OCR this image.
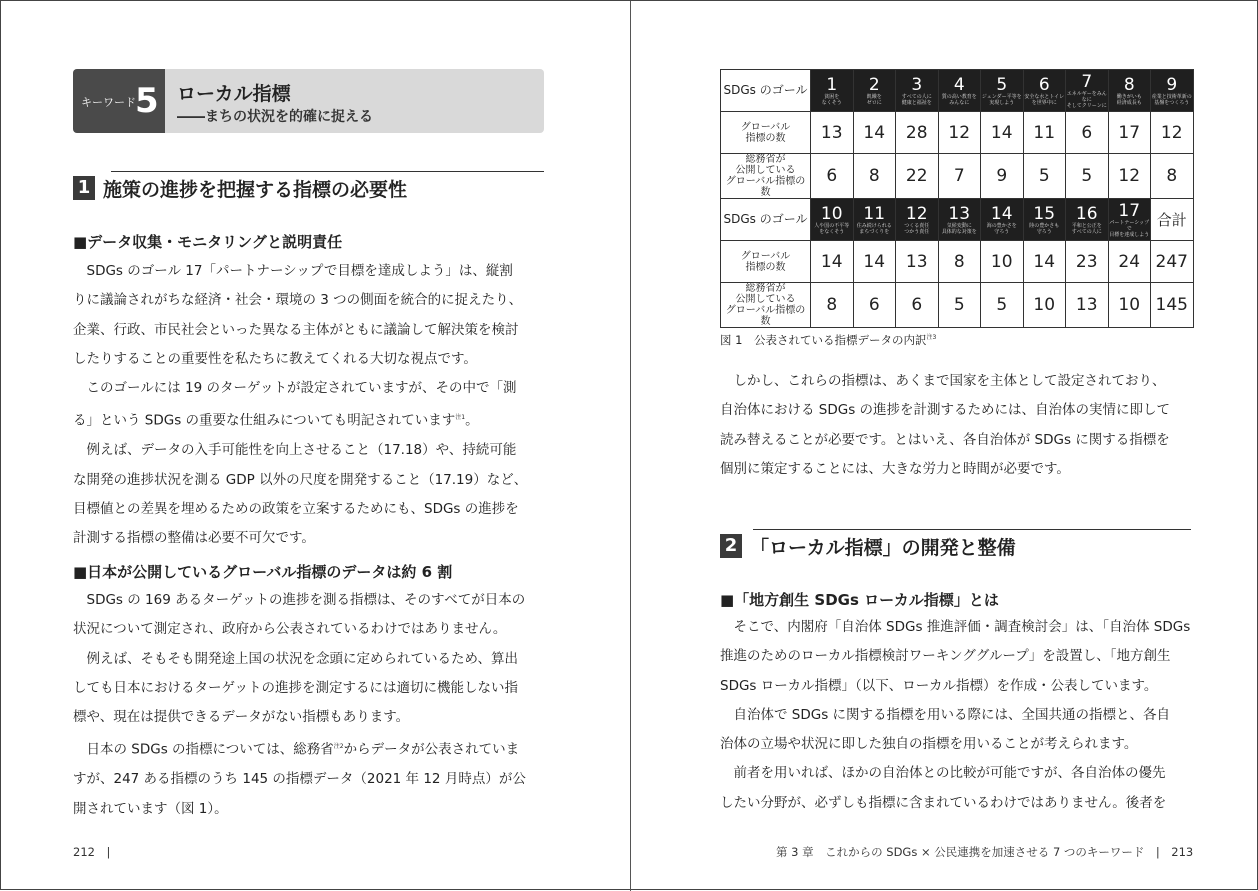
キーワード 5 ローカル指標
――まちの状況を的確に捉える
1 施策の進捗を把握する指標の必要性
■データ収集・モニタリングと説明責任
　SDGs のゴール 17「パートナーシップで目標を達成しよう」は、縦割
りに議論されがちな経済・社会・環境の 3 つの側面を統合的に捉えたり、
企業、行政、市民社会といった異なる主体がともに議論して解決策を検討
したりすることの重要性を私たちに教えてくれる大切な視点です。
　このゴールには 19 のターゲットが設定されていますが、その中で「測
る」という SDGs の重要な仕組みについても明記されています$^{注1}$。
　例えば、データの入手可能性を向上させること（17.18）や、持続可能
な開発の進捗状況を測る GDP 以外の尺度を開発すること（17.19）など、
目標値との差異を埋めるための政策を立案するためにも、SDGs の進捗を
計測する指標の整備は必要不可欠です。
■日本が公開しているグローバル指標のデータは約 6 割
　SDGs の 169 あるターゲットの進捗を測る指標は、そのすべてが日本の
状況について測定され、政府から公表されているわけではありません。
　例えば、そもそも開発途上国の状況を念頭に定められているため、算出
しても日本におけるターゲットの進捗を測定するには適切に機能しない指
標や、現在は提供できるデータがない指標もあります。
　日本の SDGs の指標については、総務省$^{注2}$からデータが公表されていま
すが、247 ある指標のうち 145 の指標データ（2021 年 12 月時点）が公
開されています（図 1）。
212　|
SDGs のゴール	1
貧困を
なくそう	2
飢餓を
ゼロに	3
すべての人に
健康と福祉を	4
質の高い教育を
みんなに	5
ジェンダー平等を
実現しよう	6
安全な水とトイレ
を世界中に	7
エネルギーをみんなに
そしてクリーンに	8
働きがいも
経済成長も	9
産業と技術革新の
基盤をつくろう

グローバル
指標の数	13	14	28	12	14	11	6	17	12

総務省が
公開している
グローバル指標の数	6	8	22	7	9	5	5	12	8
SDGs のゴール	10
人や国の不平等
をなくそう	11
住み続けられる
まちづくりを	12
つくる責任
つかう責任	13
気候変動に
具体的な対策を	14
海の豊かさを
守ろう	15
陸の豊かさも
守ろう	16
平和と公正を
すべての人に	17
パートナーシップで
目標を達成しよう	合計

グローバル
指標の数	14	14	13	8	10	14	23	24	247

総務省が
公開している
グローバル指標の数	8	6	6	5	5	10	13	10	145
図 1　公表されている指標データの内訳$^{注3}$
　しかし、これらの指標は、あくまで国家を主体として設定されており、
自治体における SDGs の進捗を計測するためには、自治体の実情に即して
読み替えることが必要です。とはいえ、各自治体が SDGs に関する指標を
個別に策定することには、大きな労力と時間が必要です。
2 「ローカル指標」の開発と整備
■「地方創生 SDGs ローカル指標」とは
　そこで、内閣府「自治体 SDGs 推進評価・調査検討会」は、「自治体 SDGs
推進のためのローカル指標検討ワーキンググループ」を設置し、「地方創生
SDGs ローカル指標」（以下、ローカル指標）を作成・公表しています。
　自治体で SDGs に関する指標を用いる際には、全国共通の指標と、各自
治体の立場や状況に即した独自の指標を用いることが考えられます。
　前者を用いれば、ほかの自治体との比較が可能ですが、各自治体の優先
したい分野が、必ずしも指標に含まれているわけではありません。後者を
第 3 章　これからの SDGs × 公民連携を加速させる 7 つのキーワード　|　213
